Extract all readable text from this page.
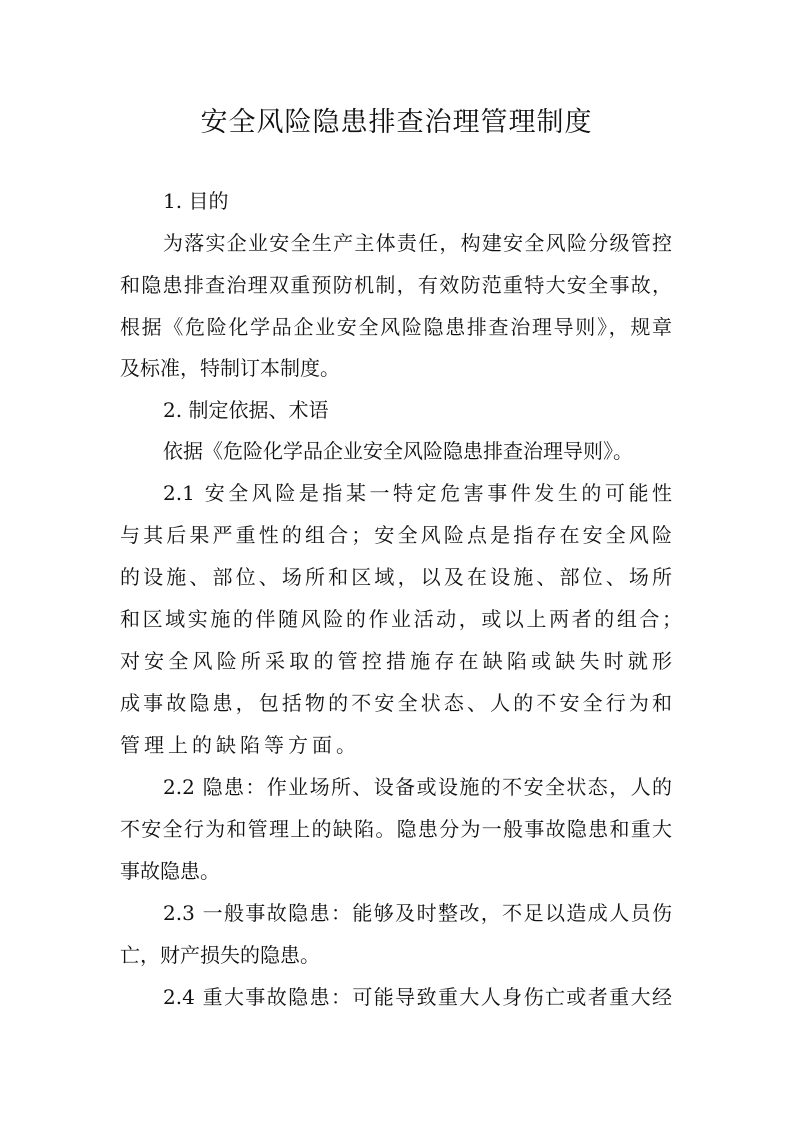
安全风险隐患排查治理管理制度
1. 目的
为落实企业安全生产主体责任，构建安全风险分级管控
和隐患排查治理双重预防机制，有效防范重特大安全事故，
根据《危险化学品企业安全风险隐患排查治理导则》，规章
及标准，特制订本制度。
2. 制定依据、术语
依据《危险化学品企业安全风险隐患排查治理导则》。
2.1 安全风险是指某一特定危害事件发生的可能性
与其后果严重性的组合；安全风险点是指存在安全风险
的设施、部位、场所和区域，以及在设施、部位、场所
和区域实施的伴随风险的作业活动，或以上两者的组合；
对安全风险所采取的管控措施存在缺陷或缺失时就形
成事故隐患，包括物的不安全状态、人的不安全行为和
管理上的缺陷等方面。
2.2 隐患：作业场所、设备或设施的不安全状态，人的
不安全行为和管理上的缺陷。隐患分为一般事故隐患和重大
事故隐患。
2.3 一般事故隐患：能够及时整改，不足以造成人员伤
亡，财产损失的隐患。
2.4 重大事故隐患：可能导致重大人身伤亡或者重大经
